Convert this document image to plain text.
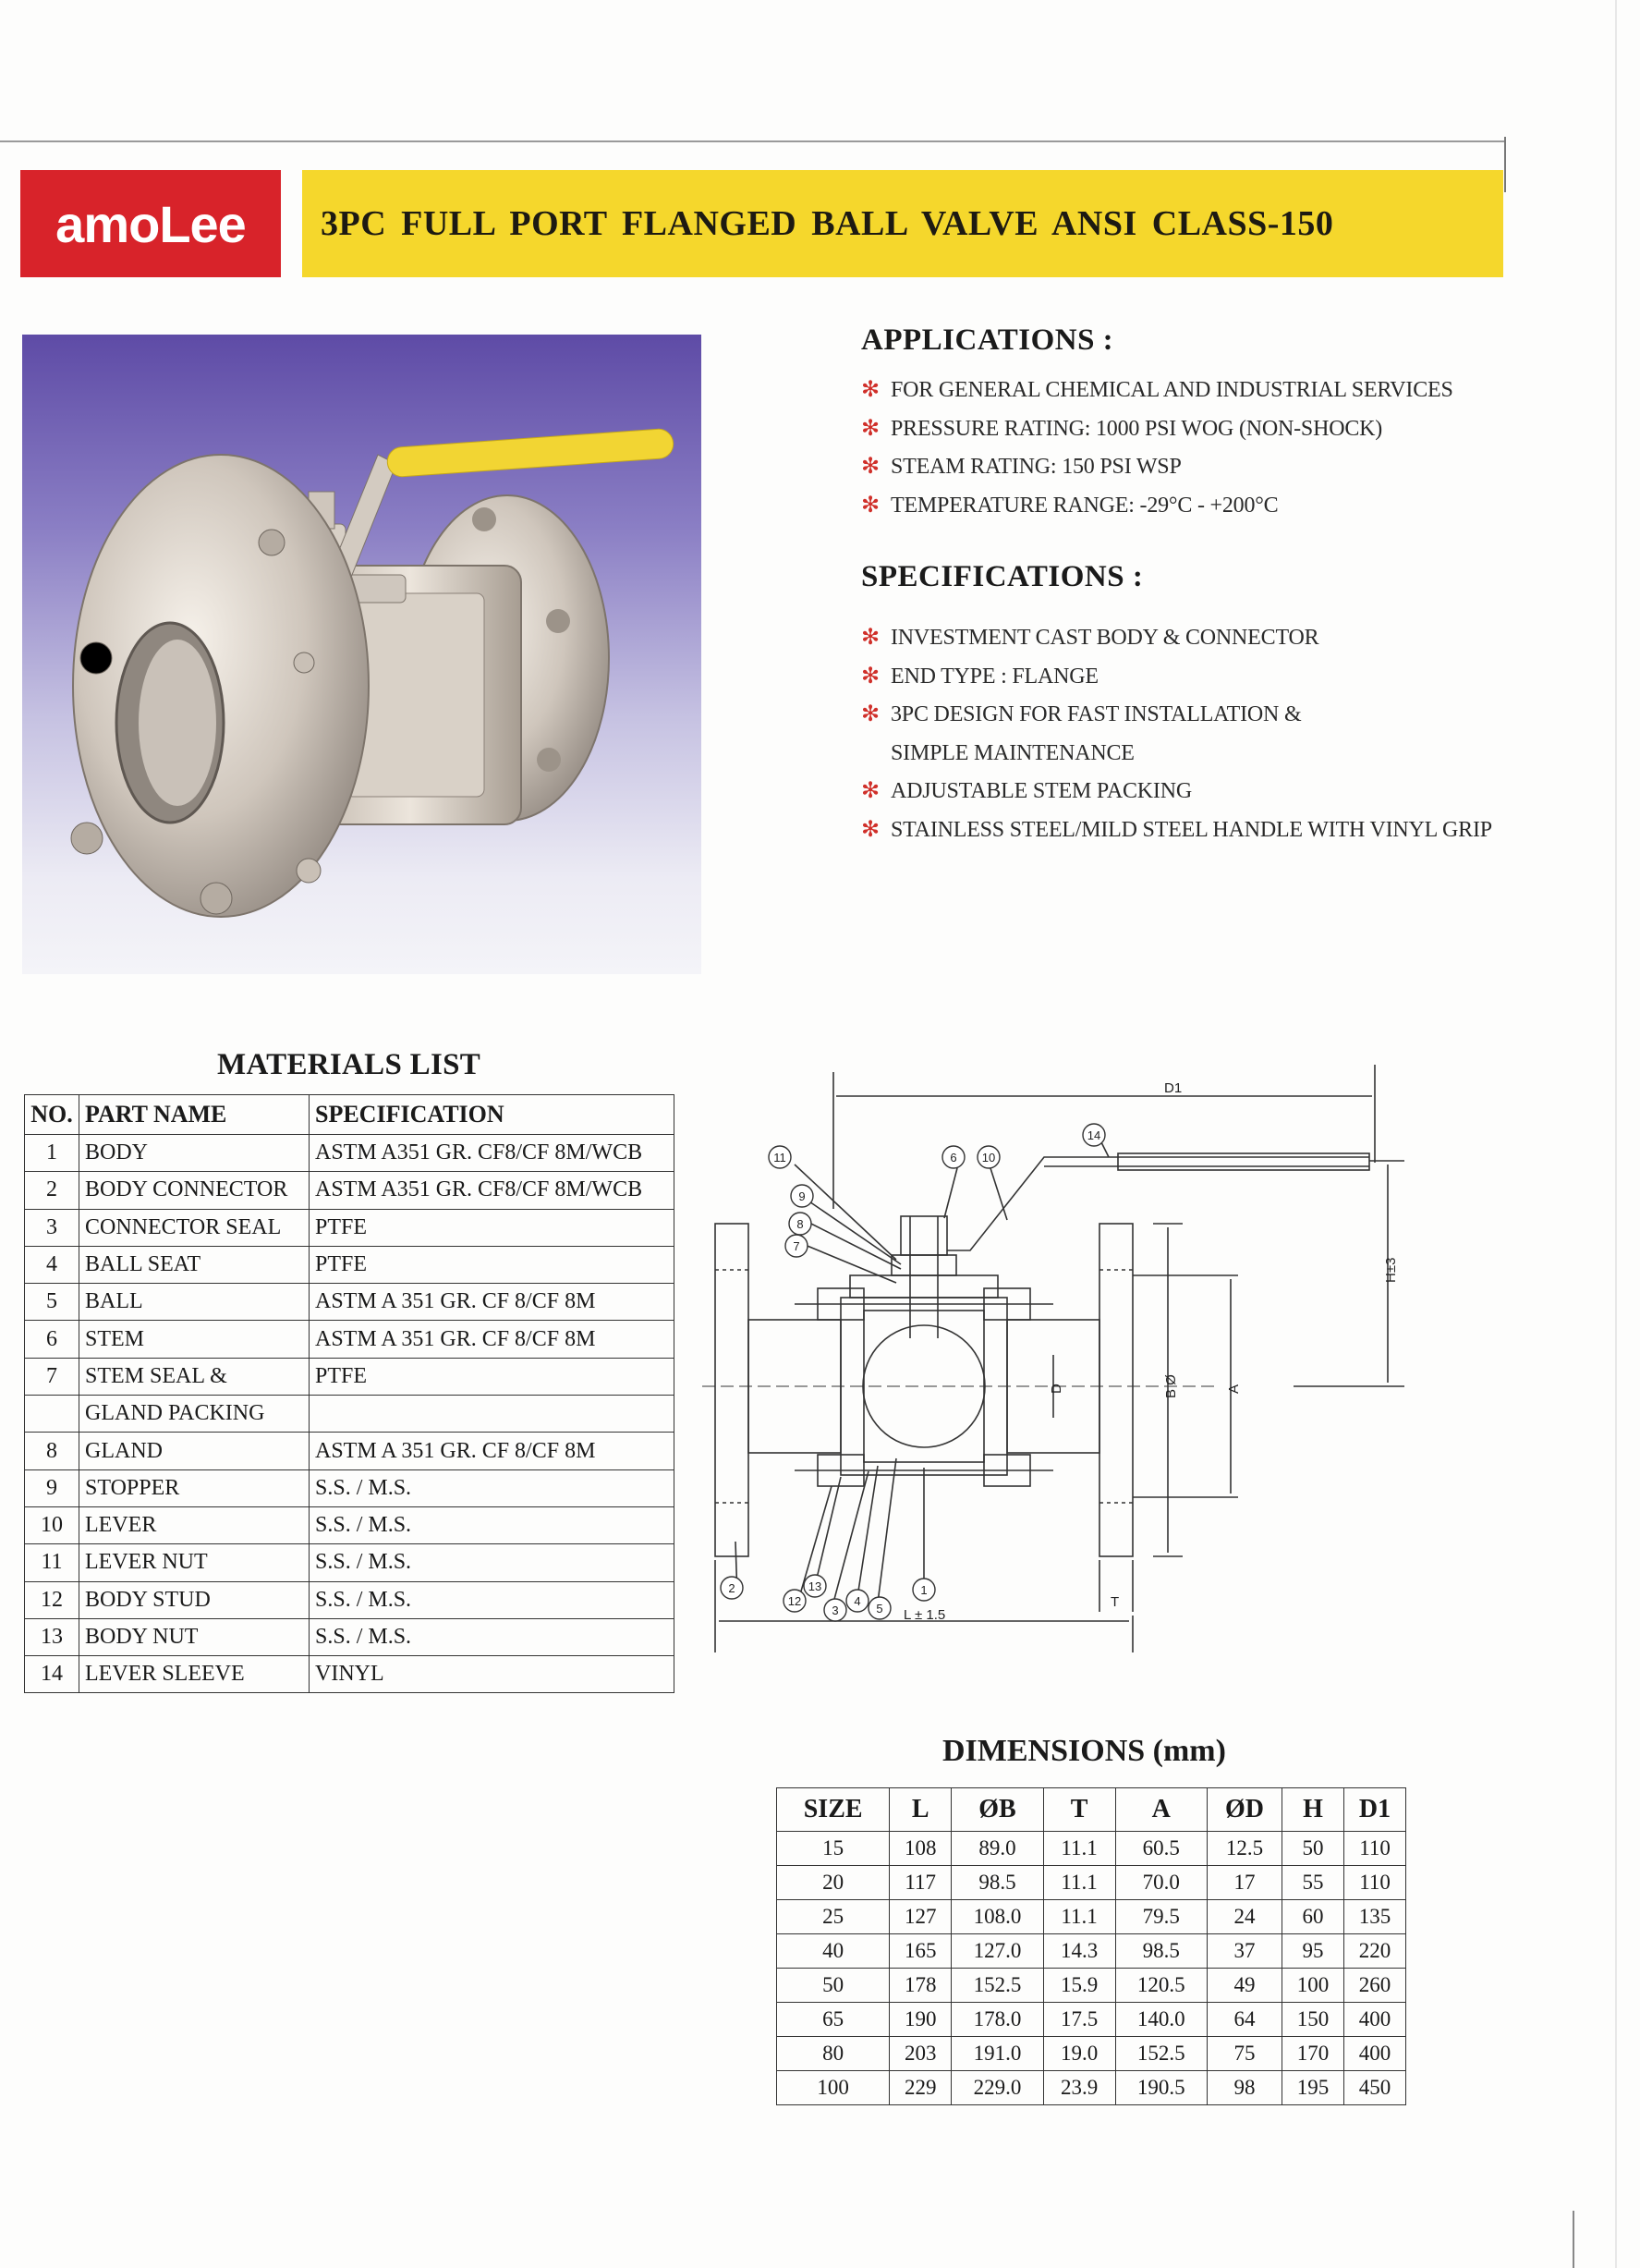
amoLee 3PC FULL PORT FLANGED BALL VALVE ANSI CLASS-150
APPLICATIONS :
✻ FOR GENERAL CHEMICAL AND INDUSTRIAL SERVICES
✻ PRESSURE RATING: 1000 PSI WOG (NON-SHOCK)
✻ STEAM RATING: 150 PSI WSP
✻ TEMPERATURE RANGE: -29°C - +200°C
SPECIFICATIONS :
✻ INVESTMENT CAST BODY & CONNECTOR
✻ END TYPE : FLANGE
✻ 3PC DESIGN FOR FAST INSTALLATION &
SIMPLE MAINTENANCE
✻ ADJUSTABLE STEM PACKING
✻ STAINLESS STEEL/MILD STEEL HANDLE WITH VINYL GRIP
MATERIALS LIST
NO.	PART NAME	SPECIFICATION
1	BODY	ASTM A351 GR. CF8/CF 8M/WCB
2	BODY CONNECTOR	ASTM A351 GR. CF8/CF 8M/WCB
3	CONNECTOR SEAL	PTFE
4	BALL SEAT	PTFE
5	BALL	ASTM A 351 GR. CF 8/CF 8M
6	STEM	ASTM A 351 GR. CF 8/CF 8M
7	STEM SEAL &	PTFE
	GLAND PACKING	
8	GLAND	ASTM A 351 GR. CF 8/CF 8M
9	STOPPER	S.S. / M.S.
10	LEVER	S.S. / M.S.
11	LEVER NUT	S.S. / M.S.
12	BODY STUD	S.S. / M.S.
13	BODY NUT	S.S. / M.S.
14	LEVER SLEEVE	VINYL
D1
H±3
B Ø	A
D
T
L ± 1.5
1
2
3
4
5
6
7
8
9
10
11
12
13
14
DIMENSIONS (mm)
SIZE	L	ØB	T	A	ØD	H	D1
15	108	89.0	11.1	60.5	12.5	50	110
20	117	98.5	11.1	70.0	17	55	110
25	127	108.0	11.1	79.5	24	60	135
40	165	127.0	14.3	98.5	37	95	220
50	178	152.5	15.9	120.5	49	100	260
65	190	178.0	17.5	140.0	64	150	400
80	203	191.0	19.0	152.5	75	170	400
100	229	229.0	23.9	190.5	98	195	450
